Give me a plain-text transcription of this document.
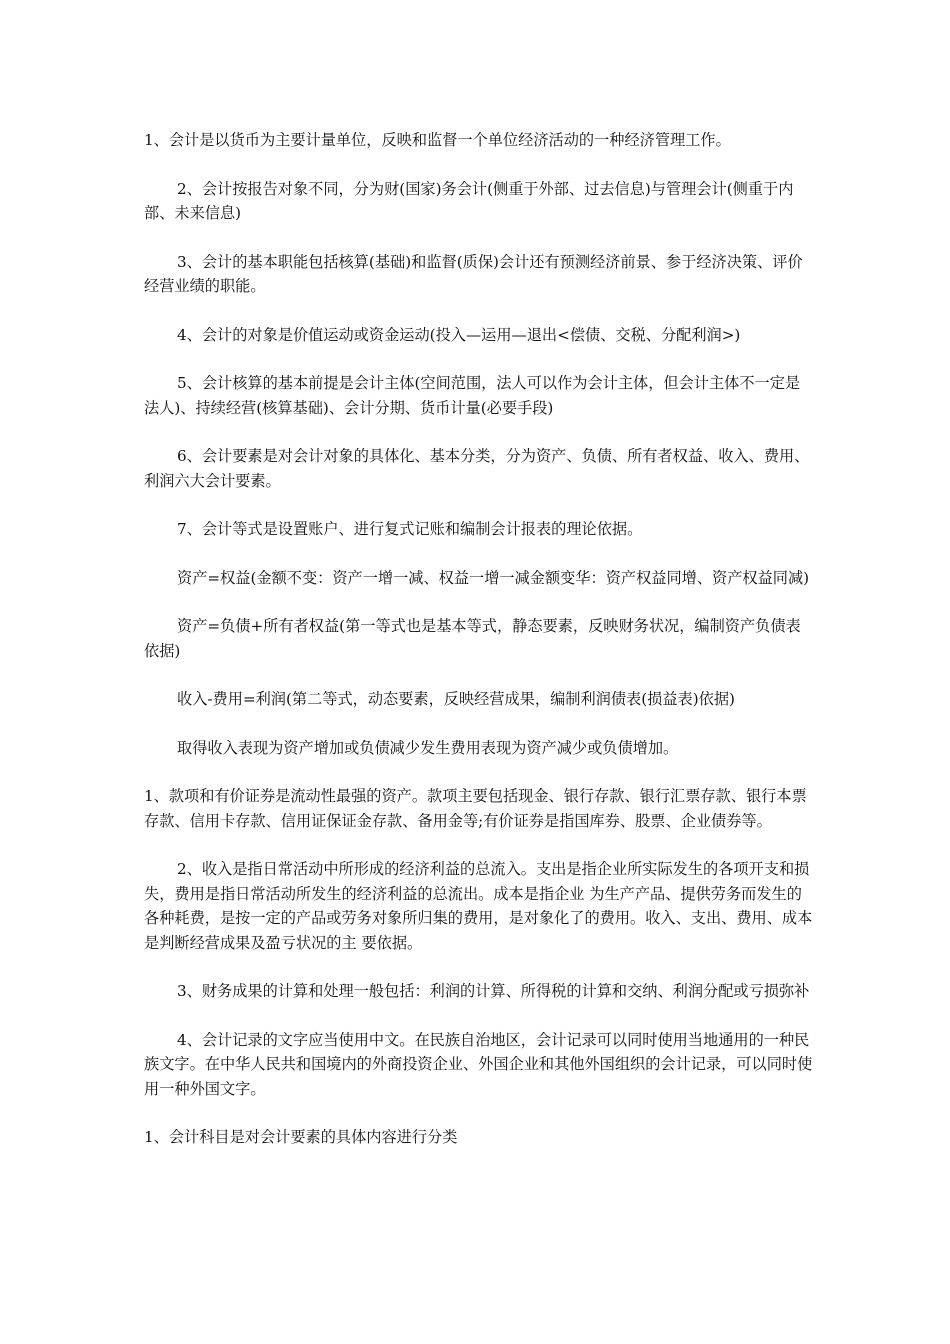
1、会计是以货币为主要计量单位，反映和监督一个单位经济活动的一种经济管理工作。

2、会计按报告对象不同，分为财(国家)务会计(侧重于外部、过去信息)与管理会计(侧重于内部、未来信息)

3、会计的基本职能包括核算(基础)和监督(质保)会计还有预测经济前景、参于经济决策、评价经营业绩的职能。

4、会计的对象是价值运动或资金运动(投入—运用—退出<偿债、交税、分配利润>)

5、会计核算的基本前提是会计主体(空间范围，法人可以作为会计主体，但会计主体不一定是法人)、持续经营(核算基础)、会计分期、货币计量(必要手段)

6、会计要素是对会计对象的具体化、基本分类，分为资产、负债、所有者权益、收入、费用、利润六大会计要素。

7、会计等式是设置账户、进行复式记账和编制会计报表的理论依据。

资产=权益(金额不变：资产一增一减、权益一增一减金额变华：资产权益同增、资产权益同减)

资产=负债+所有者权益(第一等式也是基本等式，静态要素，反映财务状况，编制资产负债表依据)

收入-费用=利润(第二等式，动态要素，反映经营成果，编制利润债表(损益表)依据)

取得收入表现为资产增加或负债减少发生费用表现为资产减少或负债增加。

1、款项和有价证券是流动性最强的资产。款项主要包括现金、银行存款、银行汇票存款、银行本票存款、信用卡存款、信用证保证金存款、备用金等;有价证券是指国库券、股票、企业债券等。

2、收入是指日常活动中所形成的经济利益的总流入。支出是指企业所实际发生的各项开支和损失，费用是指日常活动所发生的经济利益的总流出。成本是指企业 为生产产品、提供劳务而发生的各种耗费，是按一定的产品或劳务对象所归集的费用，是对象化了的费用。收入、支出、费用、成本是判断经营成果及盈亏状况的主 要依据。

3、财务成果的计算和处理一般包括：利润的计算、所得税的计算和交纳、利润分配或亏损弥补

4、会计记录的文字应当使用中文。在民族自治地区，会计记录可以同时使用当地通用的一种民族文字。在中华人民共和国境内的外商投资企业、外国企业和其他外国组织的会计记录，可以同时使用一种外国文字。

1、会计科目是对会计要素的具体内容进行分类
